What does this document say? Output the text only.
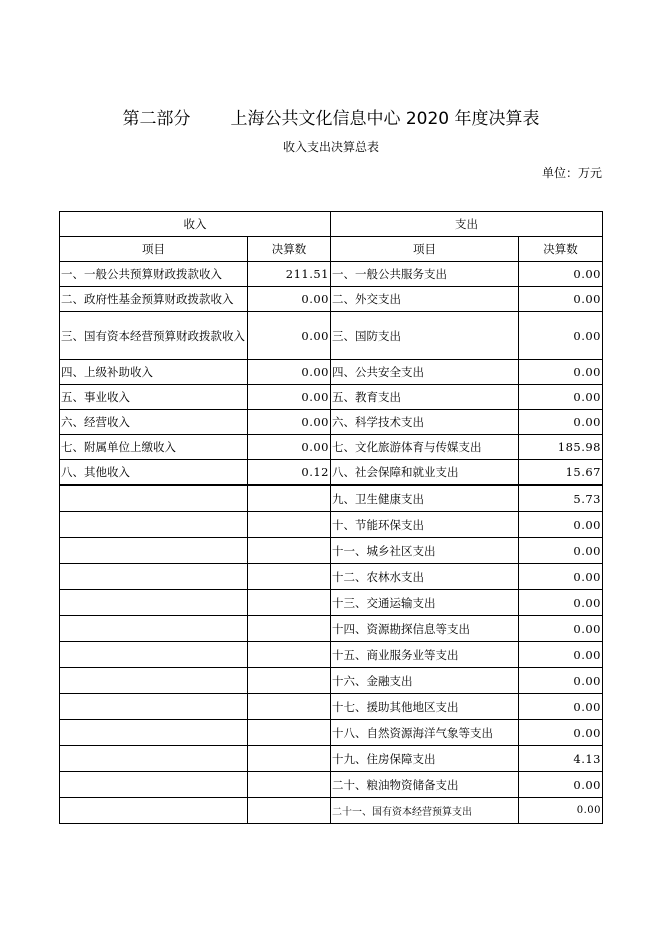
第二部分 上海公共文化信息中心 2020 年度决算表
收入支出决算总表
单位：万元
收入		支出	
项目	决算数	项目	决算数
一、一般公共预算财政拨款收入	211.51	一、一般公共服务支出	0.00
二、政府性基金预算财政拨款收入	0.00	二、外交支出	0.00
三、国有资本经营预算财政拨款收入	0.00	三、国防支出	0.00
四、上级补助收入	0.00	四、公共安全支出	0.00
五、事业收入	0.00	五、教育支出	0.00
六、经营收入	0.00	六、科学技术支出	0.00
七、附属单位上缴收入	0.00	七、文化旅游体育与传媒支出	185.98
八、其他收入	0.12	八、社会保障和就业支出	15.67
		九、卫生健康支出	5.73
		十、节能环保支出	0.00
		十一、城乡社区支出	0.00
		十二、农林水支出	0.00
		十三、交通运输支出	0.00
		十四、资源勘探信息等支出	0.00
		十五、商业服务业等支出	0.00
		十六、金融支出	0.00
		十七、援助其他地区支出	0.00
		十八、自然资源海洋气象等支出	0.00
		十九、住房保障支出	4.13
		二十、粮油物资储备支出	0.00
		二十一、国有资本经营预算支出	0.00
